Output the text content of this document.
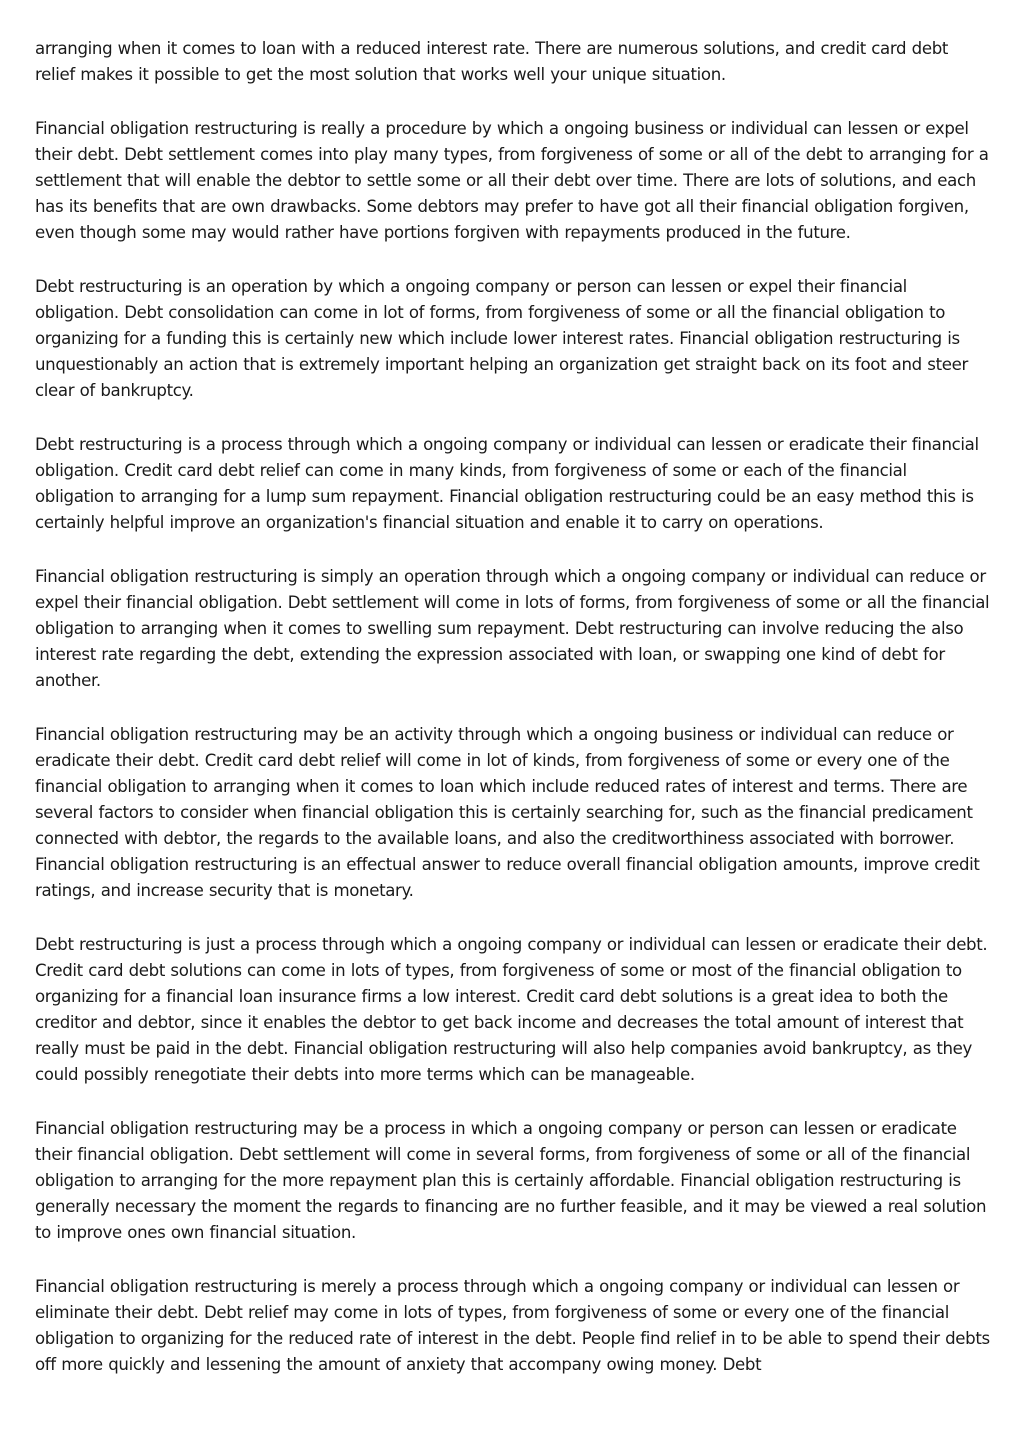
arranging when it comes to loan with a reduced interest rate. There are numerous solutions, and credit card debt relief makes it possible to get the most solution that works well your unique situation.

Financial obligation restructuring is really a procedure by which a ongoing business or individual can lessen or expel their debt. Debt settlement comes into play many types, from forgiveness of some or all of the debt to arranging for a settlement that will enable the debtor to settle some or all their debt over time. There are lots of solutions, and each has its benefits that are own drawbacks. Some debtors may prefer to have got all their financial obligation forgiven, even though some may would rather have portions forgiven with repayments produced in the future.

Debt restructuring is an operation by which a ongoing company or person can lessen or expel their financial obligation. Debt consolidation can come in lot of forms, from forgiveness of some or all the financial obligation to organizing for a funding this is certainly new which include lower interest rates. Financial obligation restructuring is unquestionably an action that is extremely important helping an organization get straight back on its foot and steer clear of bankruptcy.

Debt restructuring is a process through which a ongoing company or individual can lessen or eradicate their financial obligation. Credit card debt relief can come in many kinds, from forgiveness of some or each of the financial obligation to arranging for a lump sum repayment. Financial obligation restructuring could be an easy method this is certainly helpful improve an organization's financial situation and enable it to carry on operations.

Financial obligation restructuring is simply an operation through which a ongoing company or individual can reduce or expel their financial obligation. Debt settlement will come in lots of forms, from forgiveness of some or all the financial obligation to arranging when it comes to swelling sum repayment. Debt restructuring can involve reducing the also interest rate regarding the debt, extending the expression associated with loan, or swapping one kind of debt for another.

Financial obligation restructuring may be an activity through which a ongoing business or individual can reduce or eradicate their debt. Credit card debt relief will come in lot of kinds, from forgiveness of some or every one of the financial obligation to arranging when it comes to loan which include reduced rates of interest and terms. There are several factors to consider when financial obligation this is certainly searching for, such as the financial predicament connected with debtor, the regards to the available loans, and also the creditworthiness associated with borrower. Financial obligation restructuring is an effectual answer to reduce overall financial obligation amounts, improve credit ratings, and increase security that is monetary.

Debt restructuring is just a process through which a ongoing company or individual can lessen or eradicate their debt. Credit card debt solutions can come in lots of types, from forgiveness of some or most of the financial obligation to organizing for a financial loan insurance firms a low interest. Credit card debt solutions is a great idea to both the creditor and debtor, since it enables the debtor to get back income and decreases the total amount of interest that really must be paid in the debt. Financial obligation restructuring will also help companies avoid bankruptcy, as they could possibly renegotiate their debts into more terms which can be manageable.

Financial obligation restructuring may be a process in which a ongoing company or person can lessen or eradicate their financial obligation. Debt settlement will come in several forms, from forgiveness of some or all of the financial obligation to arranging for the more repayment plan this is certainly affordable. Financial obligation restructuring is generally necessary the moment the regards to financing are no further feasible, and it may be viewed a real solution to improve ones own financial situation.

Financial obligation restructuring is merely a process through which a ongoing company or individual can lessen or eliminate their debt. Debt relief may come in lots of types, from forgiveness of some or every one of the financial obligation to organizing for the reduced rate of interest in the debt. People find relief in to be able to spend their debts off more quickly and lessening the amount of anxiety that accompany owing money. Debt
